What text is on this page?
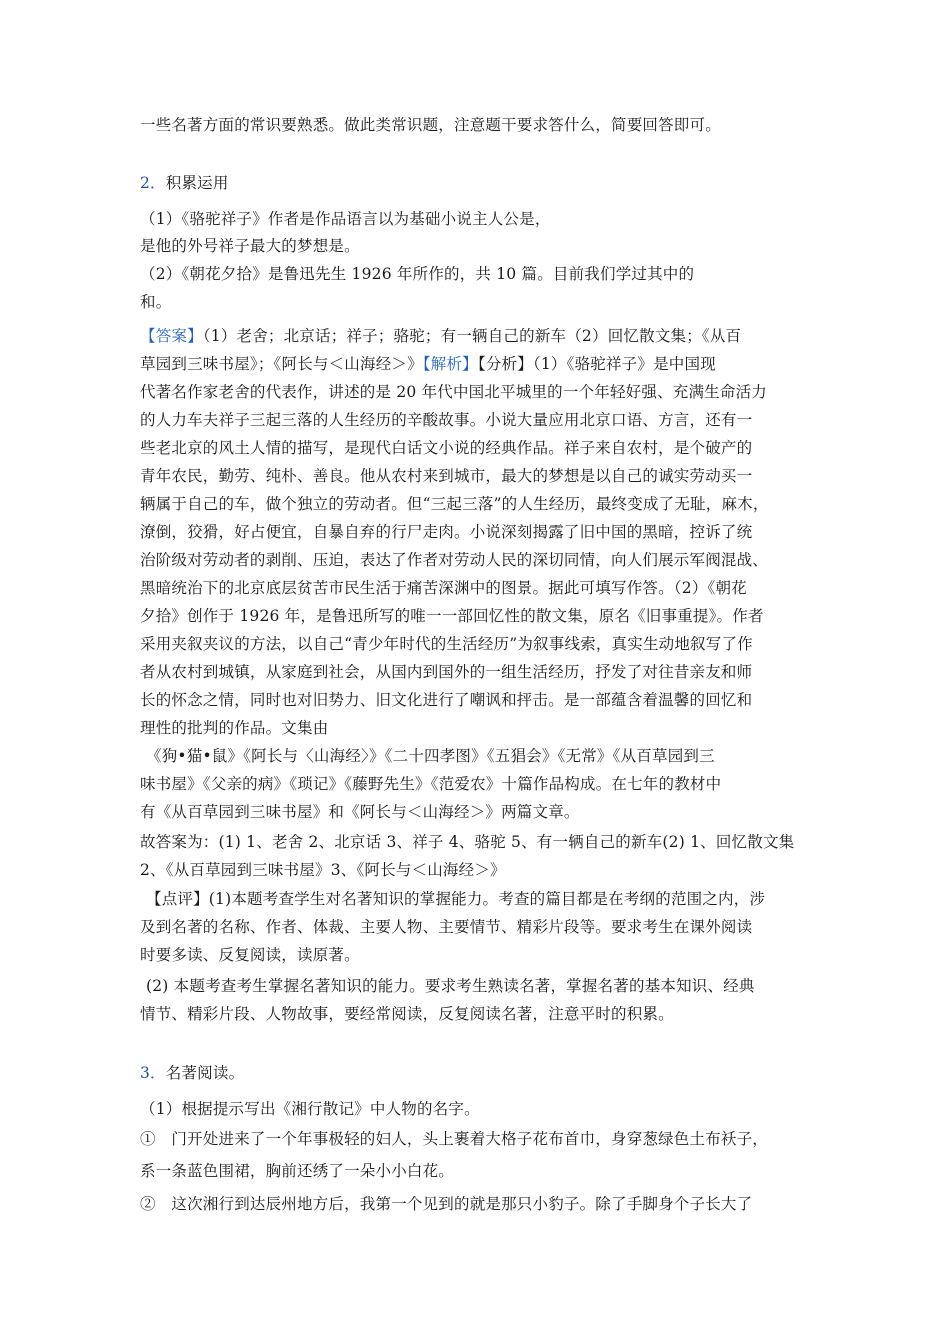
一些名著方面的常识要熟悉。做此类常识题，注意题干要求答什么，简要回答即可。
2．积累运用
（1）《骆驼祥子》作者是作品语言以为基础小说主人公是，
是他的外号祥子最大的梦想是。
（2）《朝花夕拾》是鲁迅先生 1926 年所作的，共 10 篇。目前我们学过其中的
和。
【答案】（1）老舍；北京话；祥子；骆驼；有一辆自己的新车（2）回忆散文集；《从百
草园到三味书屋》；《阿长与＜山海经＞》【解析】【分析】（1）《骆驼祥子》是中国现
代著名作家老舍的代表作，讲述的是 20 年代中国北平城里的一个年轻好强、充满生命活力
的人力车夫祥子三起三落的人生经历的辛酸故事。小说大量应用北京口语、方言，还有一
些老北京的风土人情的描写，是现代白话文小说的经典作品。祥子来自农村，是个破产的
青年农民，勤劳、纯朴、善良。他从农村来到城市，最大的梦想是以自己的诚实劳动买一
辆属于自己的车，做个独立的劳动者。但“三起三落”的人生经历，最终变成了无耻，麻木，
潦倒，狡猾，好占便宜，自暴自弃的行尸走肉。小说深刻揭露了旧中国的黑暗，控诉了统
治阶级对劳动者的剥削、压迫，表达了作者对劳动人民的深切同情，向人们展示军阀混战、
黑暗统治下的北京底层贫苦市民生活于痛苦深渊中的图景。据此可填写作答。（2）《朝花
夕拾》创作于 1926 年，是鲁迅所写的唯一一部回忆性的散文集，原名《旧事重提》。作者
采用夹叙夹议的方法，以自己“青少年时代的生活经历”为叙事线索，真实生动地叙写了作
者从农村到城镇，从家庭到社会，从国内到国外的一组生活经历，抒发了对往昔亲友和师
长的怀念之情，同时也对旧势力、旧文化进行了嘲讽和抨击。是一部蕴含着温馨的回忆和
理性的批判的作品。文集由
《狗•猫•鼠》《阿长与〈山海经〉》《二十四孝图》《五猖会》《无常》《从百草园到三
味书屋》《父亲的病》《琐记》《藤野先生》《范爱农》十篇作品构成。在七年的教材中
有《从百草园到三味书屋》和《阿长与＜山海经＞》两篇文章。
故答案为：(1) 1、老舍 2、北京话 3、祥子 4、骆驼 5、有一辆自己的新车(2) 1、回忆散文集
2、《从百草园到三味书屋》3、《阿长与＜山海经＞》
【点评】(1)本题考查学生对名著知识的掌握能力。考查的篇目都是在考纲的范围之内，涉
及到名著的名称、作者、体裁、主要人物、主要情节、精彩片段等。要求考生在课外阅读
时要多读、反复阅读，读原著。
(2) 本题考查考生掌握名著知识的能力。要求考生熟读名著，掌握名著的基本知识、经典
情节、精彩片段、人物故事，要经常阅读，反复阅读名著，注意平时的积累。
3．名著阅读。
（1）根据提示写出《湘行散记》中人物的名字。
①　门开处进来了一个年事极轻的妇人，头上裹着大格子花布首巾，身穿葱绿色土布袄子，
系一条蓝色围裙，胸前还绣了一朵小小白花。
②　这次湘行到达辰州地方后，我第一个见到的就是那只小豹子。除了手脚身个子长大了
